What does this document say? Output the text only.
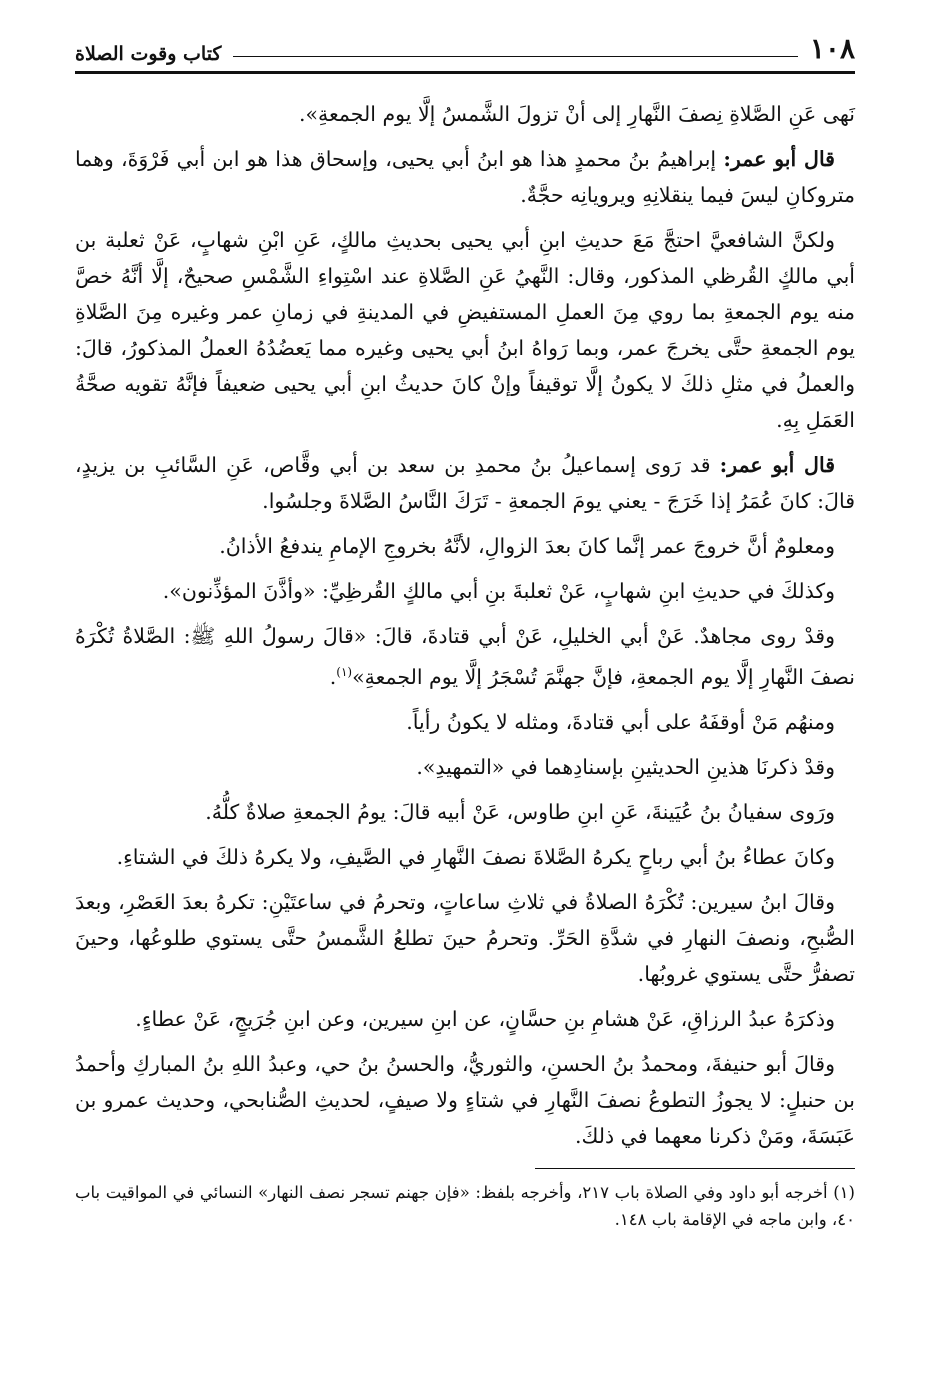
١٠٨
كتاب وقوت الصلاة

نَهى عَنِ الصَّلاةِ نِصفَ النَّهارِ إلى أنْ تزولَ الشَّمسُ إلَّا يوم الجمعةِ».

قال أبو عمر: إبراهيمُ بنُ محمدٍ هذا هو ابنُ أبي يحيى، وإسحاق هذا هو ابن أبي فَرْوَةَ، وهما متروكانِ ليسَ فيما ينقلانِهِ ويرويانِه حجَّةٌ.

ولكنَّ الشافعيَّ احتجَّ مَعَ حديثِ ابنِ أبي يحيى بحديثِ مالكٍ، عَنِ ابْنِ شهابٍ، عَنْ ثعلبة بن أبي مالكٍ القُرظي المذكور، وقال: النَّهيُ عَنِ الصَّلاةِ عند اسْتِواءِ الشَّمْسِ صحيحٌ، إلَّا أنَّهُ خصَّ منه يوم الجمعةِ بما روي مِنَ العملِ المستفيضِ في المدينةِ في زمانِ عمر وغيره مِنَ الصَّلاةِ يوم الجمعةِ حتَّى يخرجَ عمر، وبما رَواهُ ابنُ أبي يحيى وغيره مما يَعضُدُهُ العملُ المذكورُ، قالَ: والعملُ في مثلِ ذلكَ لا يكونُ إلَّا توقيفاً وإنْ كانَ حديثُ ابنِ أبي يحيى ضعيفاً فإنَّهُ تقويه صحَّةُ العَمَلِ بِهِ.

قال أبو عمر: قد رَوى إسماعيلُ بنُ محمدِ بن سعد بن أبي وقَّاص، عَنِ السَّائبِ بن يزيدٍ، قالَ: كانَ عُمَرُ إذا خَرَجَ - يعني يومَ الجمعةِ - تَرَكَ النَّاسُ الصَّلاةَ وجلسُوا.

ومعلومٌ أنَّ خروجَ عمر إنَّما كانَ بعدَ الزوالِ، لأنَّهُ بخروجِ الإمامِ يندفعُ الأذانُ.

وكذلكَ في حديثِ ابنِ شهابٍ، عَنْ ثعلبةَ بنِ أبي مالكٍ القُرظِيِّ: «وأذَّنَ المؤذِّنون».

وقدْ روى مجاهدٌ. عَنْ أبي الخليلِ، عَنْ أبي قتادةَ، قالَ: «قالَ رسولُ اللهِ ﷺ: الصَّلاةُ تُكْرَهُ نصفَ النَّهارِ إلَّا يوم الجمعةِ، فإنَّ جهنَّمَ تُسْجَرُ إلَّا يوم الجمعةِ»$^{(١)}$.

ومنهُم مَنْ أوقفَهُ على أبي قتادةَ، ومثله لا يكونُ رأياً.

وقدْ ذكرنَا هذينِ الحديثينِ بإسنادِهما في «التمهيدِ».

ورَوى سفيانُ بنُ عُيَينةَ، عَنِ ابنِ طاوس، عَنْ أبيه قالَ: يومُ الجمعةِ صلاةٌ كلُّهُ.

وكانَ عطاءُ بنُ أبي رباحٍ يكرهُ الصَّلاةَ نصفَ النَّهارِ في الصَّيفِ، ولا يكرهُ ذلكَ في الشتاءِ.

وقالَ ابنُ سيرين: تُكْرَهُ الصلاةُ في ثلاثِ ساعاتٍ، وتحرمُ في ساعتَيْنِ: تكرهُ بعدَ العَصْرِ، وبعدَ الصُّبحِ، ونصفَ النهارِ في شدَّةِ الحَرِّ. وتحرمُ حينَ تطلعُ الشَّمسُ حتَّى يستوي طلوعُها، وحينَ تصفرُّ حتَّى يستوي غروبُها.

وذكرَهُ عبدُ الرزاقِ، عَنْ هشامِ بنِ حسَّانٍ، عن ابنِ سيرين، وعن ابنِ جُرَيجٍ، عَنْ عطاءٍ.

وقالَ أبو حنيفةَ، ومحمدُ بنُ الحسنِ، والثوريُّ، والحسنُ بنُ حي، وعبدُ اللهِ بنُ المباركِ وأحمدُ بن حنبلٍ: لا يجوزُ التطوعُ نصفَ النَّهارِ في شتاءٍ ولا صيفٍ، لحديثِ الصُّنابحي، وحديث عمرو بن عَبَسَةَ، ومَنْ ذكرنا معهما في ذلكَ.

(١) أخرجه أبو داود وفي الصلاة باب ٢١٧، وأخرجه بلفظ: «فإن جهنم تسجر نصف النهار» النسائي في المواقيت باب ٤٠، وابن ماجه في الإقامة باب ١٤٨.
